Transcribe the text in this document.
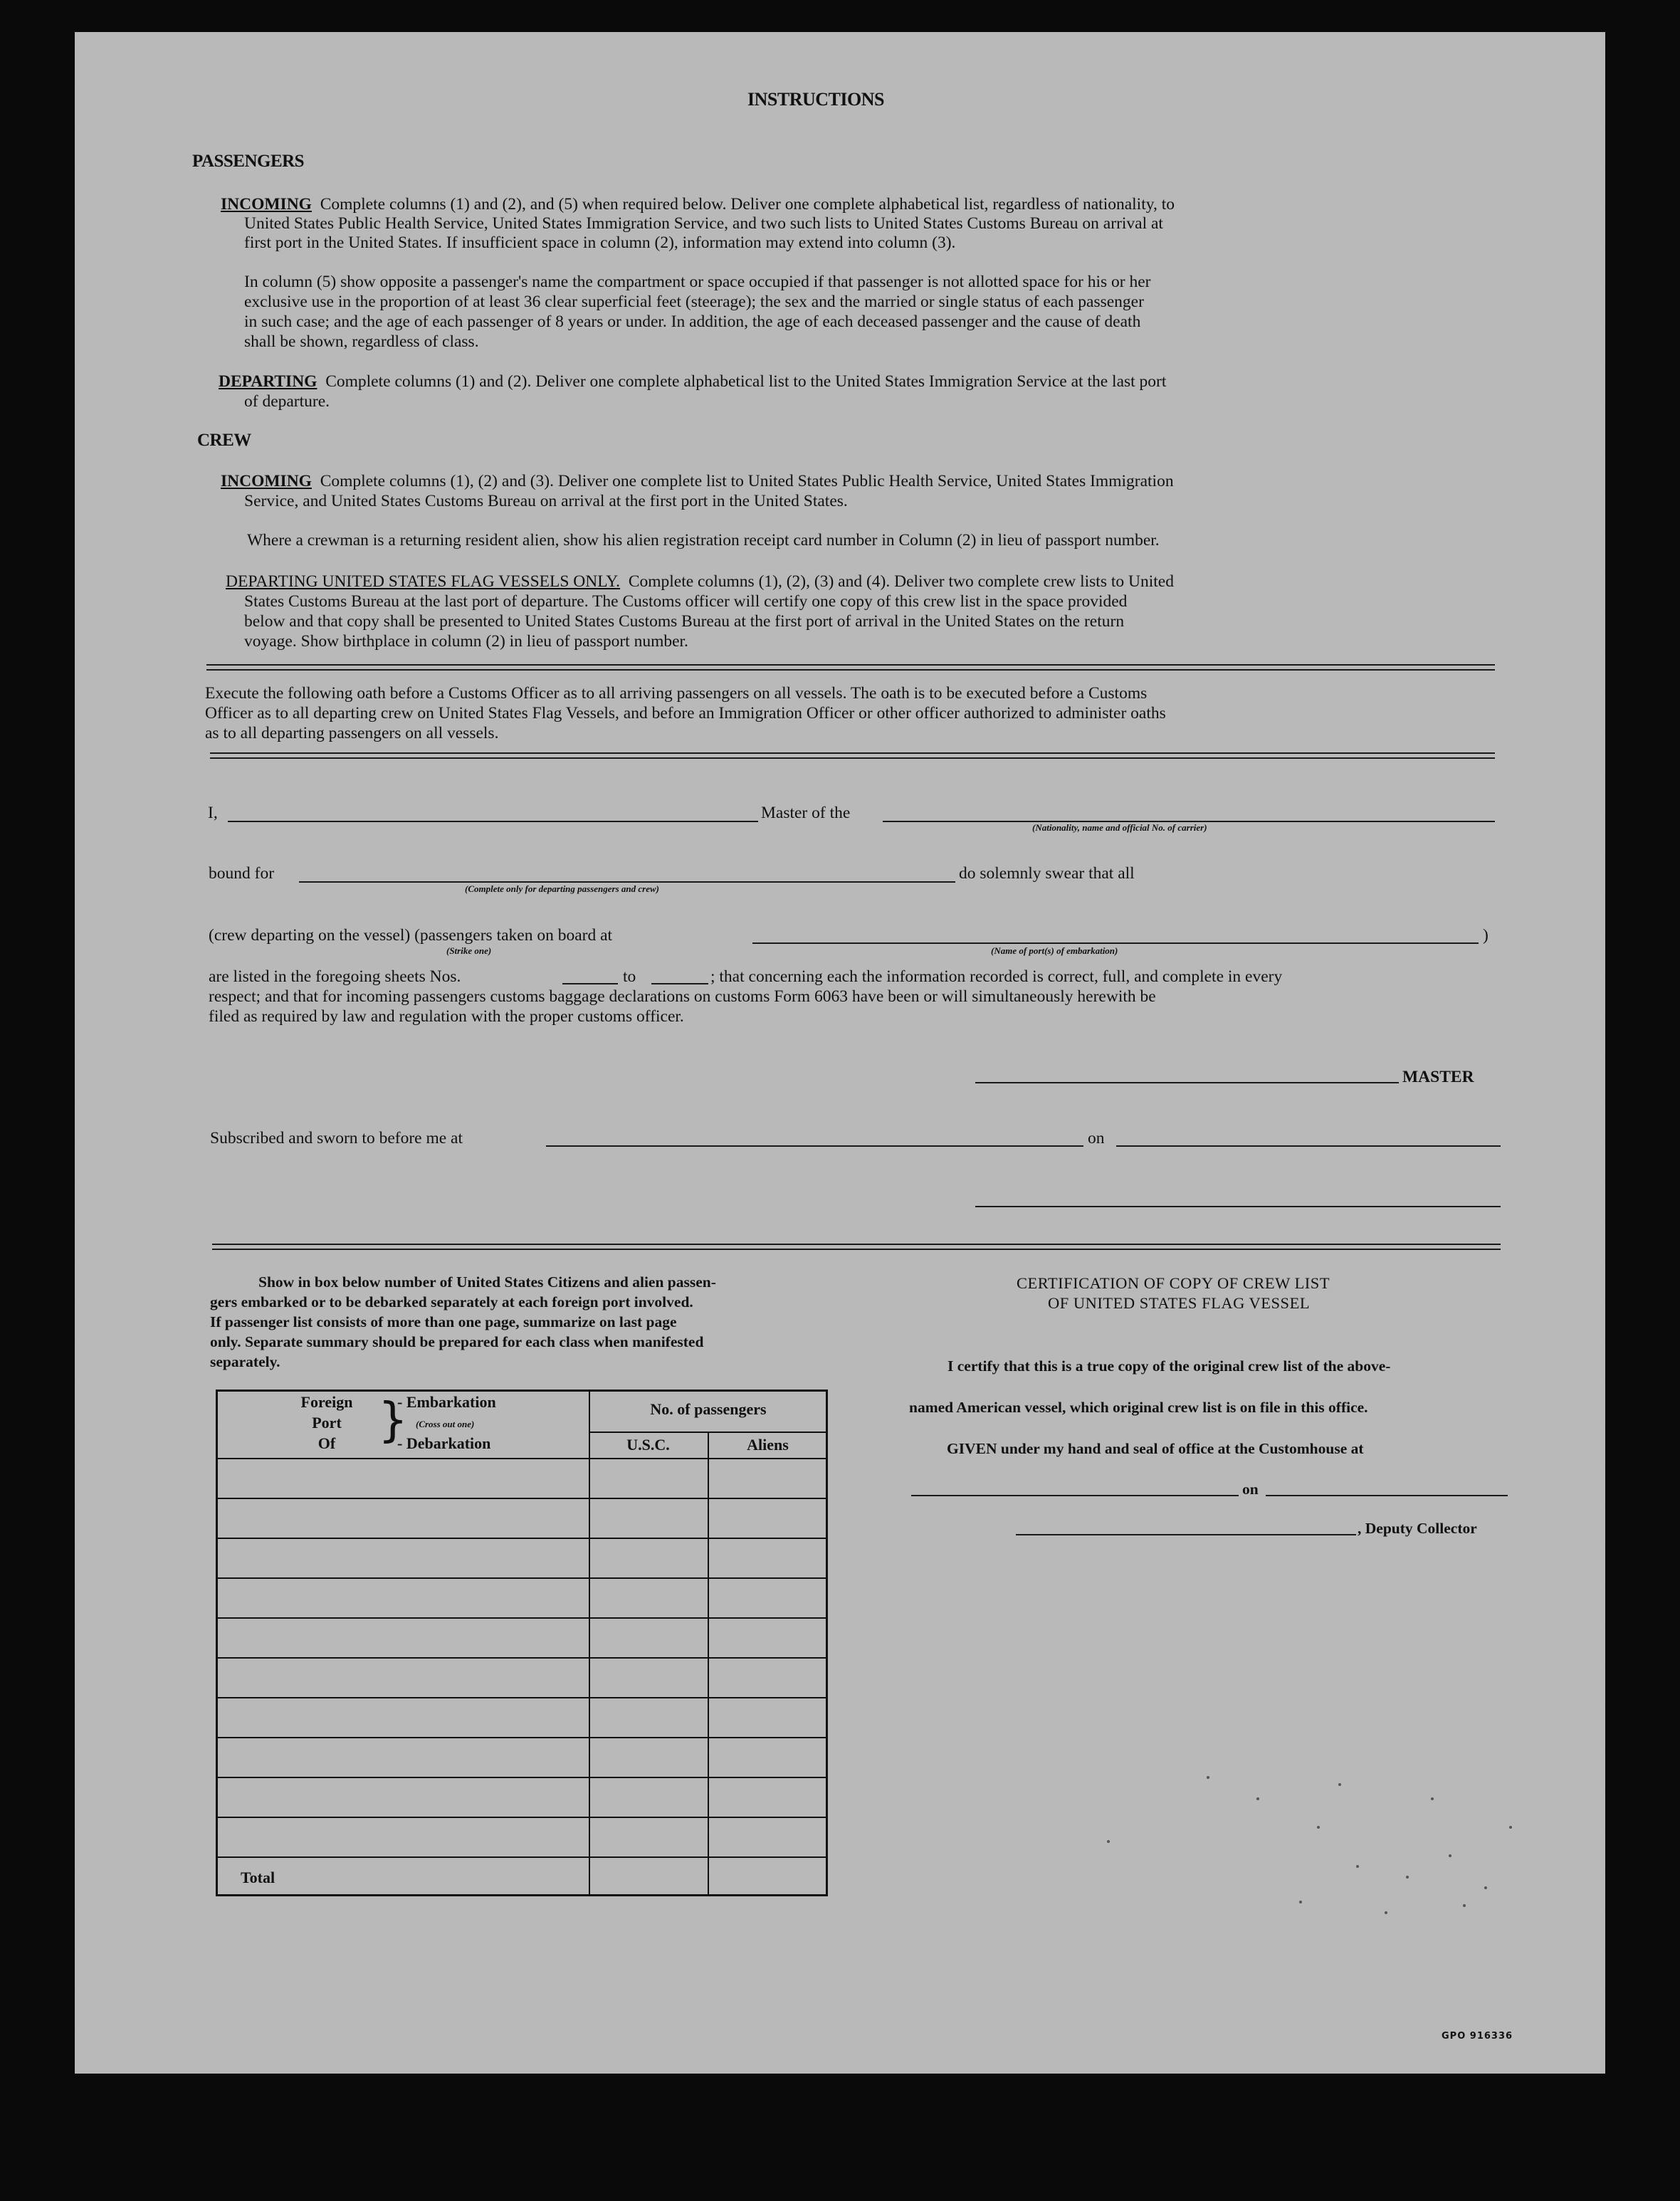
INSTRUCTIONS
PASSENGERS
INCOMING Complete columns (1) and (2), and (5) when required below. Deliver one complete alphabetical list, regardless of nationality, to
United States Public Health Service, United States Immigration Service, and two such lists to United States Customs Bureau on arrival at
first port in the United States. If insufficient space in column (2), information may extend into column (3).
In column (5) show opposite a passenger's name the compartment or space occupied if that passenger is not allotted space for his or her
exclusive use in the proportion of at least 36 clear superficial feet (steerage); the sex and the married or single status of each passenger
in such case; and the age of each passenger of 8 years or under. In addition, the age of each deceased passenger and the cause of death
shall be shown, regardless of class.
DEPARTING Complete columns (1) and (2). Deliver one complete alphabetical list to the United States Immigration Service at the last port
of departure.
CREW
INCOMING Complete columns (1), (2) and (3). Deliver one complete list to United States Public Health Service, United States Immigration
Service, and United States Customs Bureau on arrival at the first port in the United States.
Where a crewman is a returning resident alien, show his alien registration receipt card number in Column (2) in lieu of passport number.
DEPARTING UNITED STATES FLAG VESSELS ONLY. Complete columns (1), (2), (3) and (4). Deliver two complete crew lists to United
States Customs Bureau at the last port of departure. The Customs officer will certify one copy of this crew list in the space provided
below and that copy shall be presented to United States Customs Bureau at the first port of arrival in the United States on the return
voyage. Show birthplace in column (2) in lieu of passport number.
Execute the following oath before a Customs Officer as to all arriving passengers on all vessels. The oath is to be executed before a Customs
Officer as to all departing crew on United States Flag Vessels, and before an Immigration Officer or other officer authorized to administer oaths
as to all departing passengers on all vessels.
I,	Master of the
(Nationality, name and official No. of carrier)
bound for
(Complete only for departing passengers and crew)
do solemnly swear that all
(crew departing on the vessel) (passengers taken on board at
(Strike one)	(Name of port(s) of embarkation)
)
are listed in the foregoing sheets Nos.	to	; that concerning each the information recorded is correct, full, and complete in every
respect; and that for incoming passengers customs baggage declarations on customs Form 6063 have been or will simultaneously herewith be
filed as required by law and regulation with the proper customs officer.
MASTER
Subscribed and sworn to before me at	on
Show in box below number of United States Citizens and alien passen-
gers embarked or to be debarked separately at each foreign port involved.
If passenger list consists of more than one page, summarize on last page
only. Separate summary should be prepared for each class when manifested
separately.
Foreign
Port
Of }
- Embarkation
(Cross out one)
- Debarkation
No. of passengers
U.S.C.	Aliens
Total
CERTIFICATION OF COPY OF CREW LIST
OF UNITED STATES FLAG VESSEL
I certify that this is a true copy of the original crew list of the above-
named American vessel, which original crew list is on file in this office.
GIVEN under my hand and seal of office at the Customhouse at
on
, Deputy Collector
GPO 916336
